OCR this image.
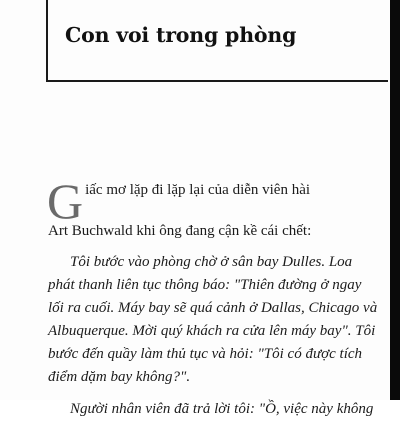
Con voi trong phòng

G iấc mơ lặp đi lặp lại của diễn viên hài
Art Buchwald khi ông đang cận kề cái chết:

Tôi bước vào phòng chờ ở sân bay Dulles. Loa
phát thanh liên tục thông báo: "Thiên đường ở ngay
lối ra cuối. Máy bay sẽ quá cảnh ở Dallas, Chicago và
Albuquerque. Mời quý khách ra cửa lên máy bay". Tôi
bước đến quầy làm thủ tục và hỏi: "Tôi có được tích
điểm dặm bay không?".

Người nhân viên đã trả lời tôi: "Ồ, việc này không
